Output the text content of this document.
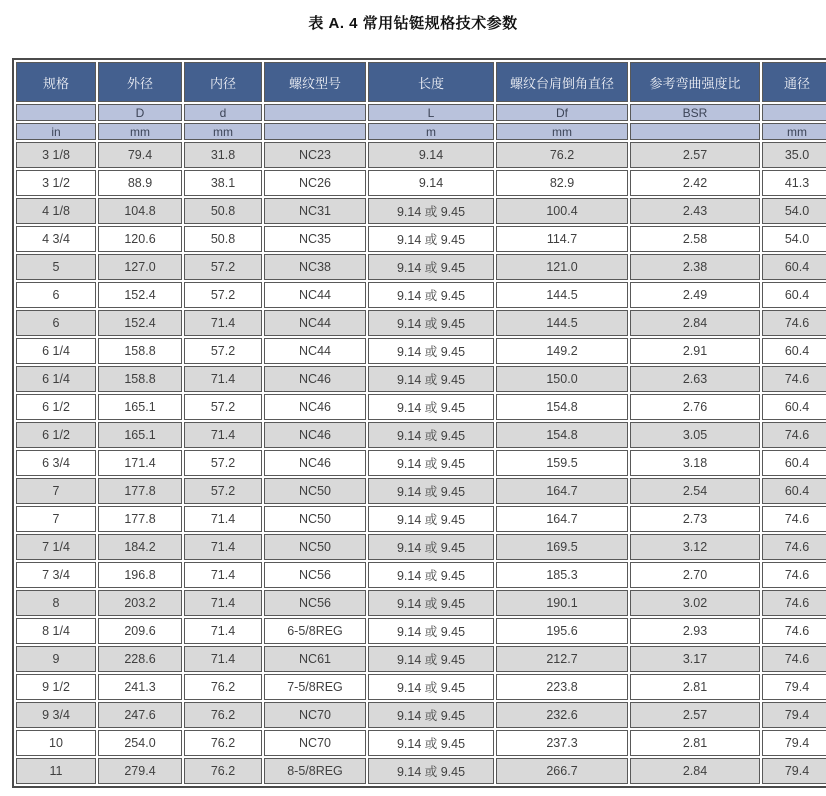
表 A. 4 常用钻铤规格技术参数
规格	外径	内径	螺纹型号	长度	螺纹台肩倒角直径	参考弯曲强度比	通径
	D	d		L	Df	BSR	
in	mm	mm		m	mm		mm
3 1/8	79.4	31.8	NC23	9.14	76.2	2.57	35.0
3 1/2	88.9	38.1	NC26	9.14	82.9	2.42	41.3
4 1/8	104.8	50.8	NC31	9.14 或 9.45	100.4	2.43	54.0
4 3/4	120.6	50.8	NC35	9.14 或 9.45	114.7	2.58	54.0
5	127.0	57.2	NC38	9.14 或 9.45	121.0	2.38	60.4
6	152.4	57.2	NC44	9.14 或 9.45	144.5	2.49	60.4
6	152.4	71.4	NC44	9.14 或 9.45	144.5	2.84	74.6
6 1/4	158.8	57.2	NC44	9.14 或 9.45	149.2	2.91	60.4
6 1/4	158.8	71.4	NC46	9.14 或 9.45	150.0	2.63	74.6
6 1/2	165.1	57.2	NC46	9.14 或 9.45	154.8	2.76	60.4
6 1/2	165.1	71.4	NC46	9.14 或 9.45	154.8	3.05	74.6
6 3/4	171.4	57.2	NC46	9.14 或 9.45	159.5	3.18	60.4
7	177.8	57.2	NC50	9.14 或 9.45	164.7	2.54	60.4
7	177.8	71.4	NC50	9.14 或 9.45	164.7	2.73	74.6
7 1/4	184.2	71.4	NC50	9.14 或 9.45	169.5	3.12	74.6
7 3/4	196.8	71.4	NC56	9.14 或 9.45	185.3	2.70	74.6
8	203.2	71.4	NC56	9.14 或 9.45	190.1	3.02	74.6
8 1/4	209.6	71.4	6-5/8REG	9.14 或 9.45	195.6	2.93	74.6
9	228.6	71.4	NC61	9.14 或 9.45	212.7	3.17	74.6
9 1/2	241.3	76.2	7-5/8REG	9.14 或 9.45	223.8	2.81	79.4
9 3/4	247.6	76.2	NC70	9.14 或 9.45	232.6	2.57	79.4
10	254.0	76.2	NC70	9.14 或 9.45	237.3	2.81	79.4
11	279.4	76.2	8-5/8REG	9.14 或 9.45	266.7	2.84	79.4
